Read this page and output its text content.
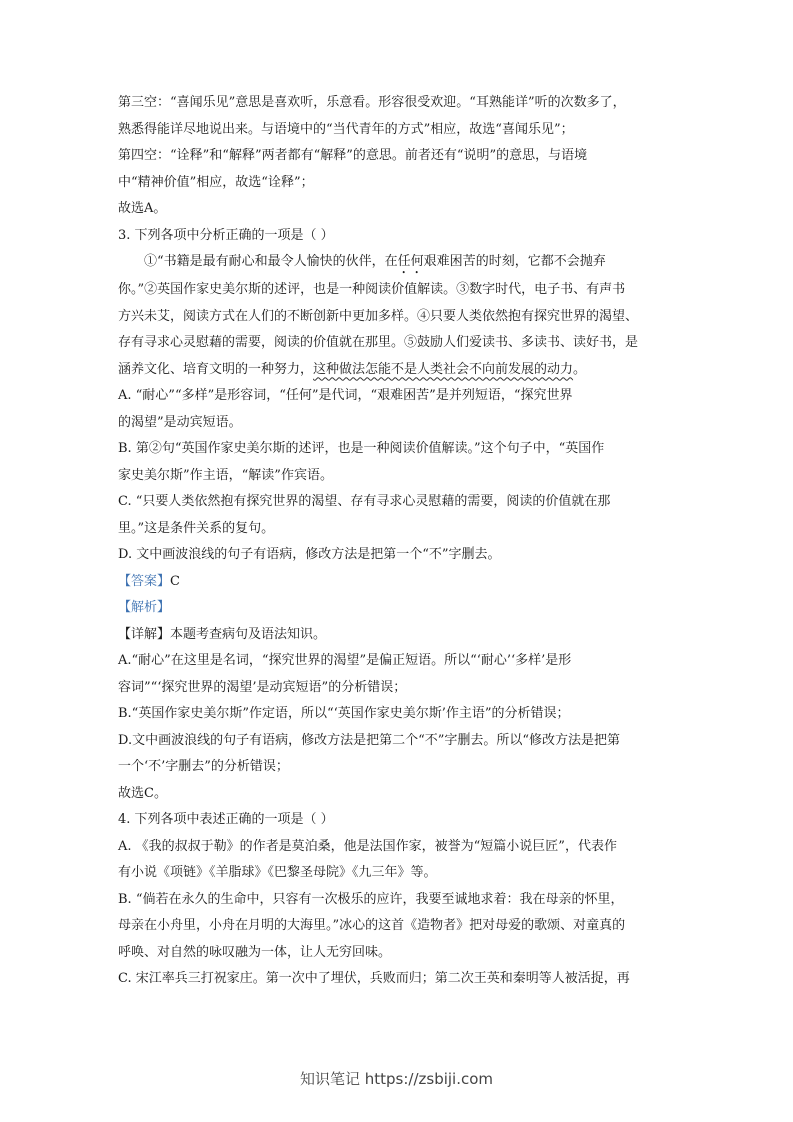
第三空：“喜闻乐见”意思是喜欢听，乐意看。形容很受欢迎。“耳熟能详”听的次数多了，

熟悉得能详尽地说出来。与语境中的“当代青年的方式”相应，故选“喜闻乐见”；

第四空：“诠释”和“解释”两者都有“解释”的意思。前者还有“说明”的意思，与语境

中“精神价值”相应，故选“诠释”；

故选A。

3. 下列各项中分析正确的一项是（ ）

①“书籍是最有耐心和最令人愉快的伙伴，在任何艰难困苦的时刻，它都不会抛弃

你。”②英国作家史美尔斯的述评，也是一种阅读价值解读。③数字时代，电子书、有声书

方兴未艾，阅读方式在人们的不断创新中更加多样。④只要人类依然抱有探究世界的渴望、

存有寻求心灵慰藉的需要，阅读的价值就在那里。⑤鼓励人们爱读书、多读书、读好书，是

涵养文化、培育文明的一种努力，这种做法怎能不是人类社会不向前发展的动力。

A. “耐心”“多样”是形容词，“任何”是代词，“艰难困苦”是并列短语，“探究世界

的渴望”是动宾短语。

B. 第②句“英国作家史美尔斯的述评，也是一种阅读价值解读。”这个句子中，“英国作

家史美尔斯”作主语，“解读”作宾语。

C. “只要人类依然抱有探究世界的渴望、存有寻求心灵慰藉的需要，阅读的价值就在那

里。”这是条件关系的复句。

D. 文中画波浪线的句子有语病，修改方法是把第一个“不”字删去。

【答案】C

【解析】

【详解】本题考查病句及语法知识。

A.“耐心”在这里是名词，“探究世界的渴望”是偏正短语。所以“‘耐心’‘多样’是形

容词”“‘探究世界的渴望’是动宾短语”的分析错误；

B.“英国作家史美尔斯”作定语，所以“‘英国作家史美尔斯’作主语”的分析错误；

D.文中画波浪线的句子有语病，修改方法是把第二个“不”字删去。所以“修改方法是把第

一个‘不’字删去”的分析错误；

故选C。

4. 下列各项中表述正确的一项是（ ）

A. 《我的叔叔于勒》的作者是莫泊桑，他是法国作家，被誉为“短篇小说巨匠”，代表作

有小说《项链》《羊脂球》《巴黎圣母院》《九三年》等。

B. “倘若在永久的生命中，只容有一次极乐的应许，我要至诚地求着：我在母亲的怀里，

母亲在小舟里，小舟在月明的大海里。”冰心的这首《造物者》把对母爱的歌颂、对童真的

呼唤、对自然的咏叹融为一体，让人无穷回味。

C. 宋江率兵三打祝家庄。第一次中了埋伏，兵败而归；第二次王英和秦明等人被活捉，再

知识笔记 https://zsbiji.com
